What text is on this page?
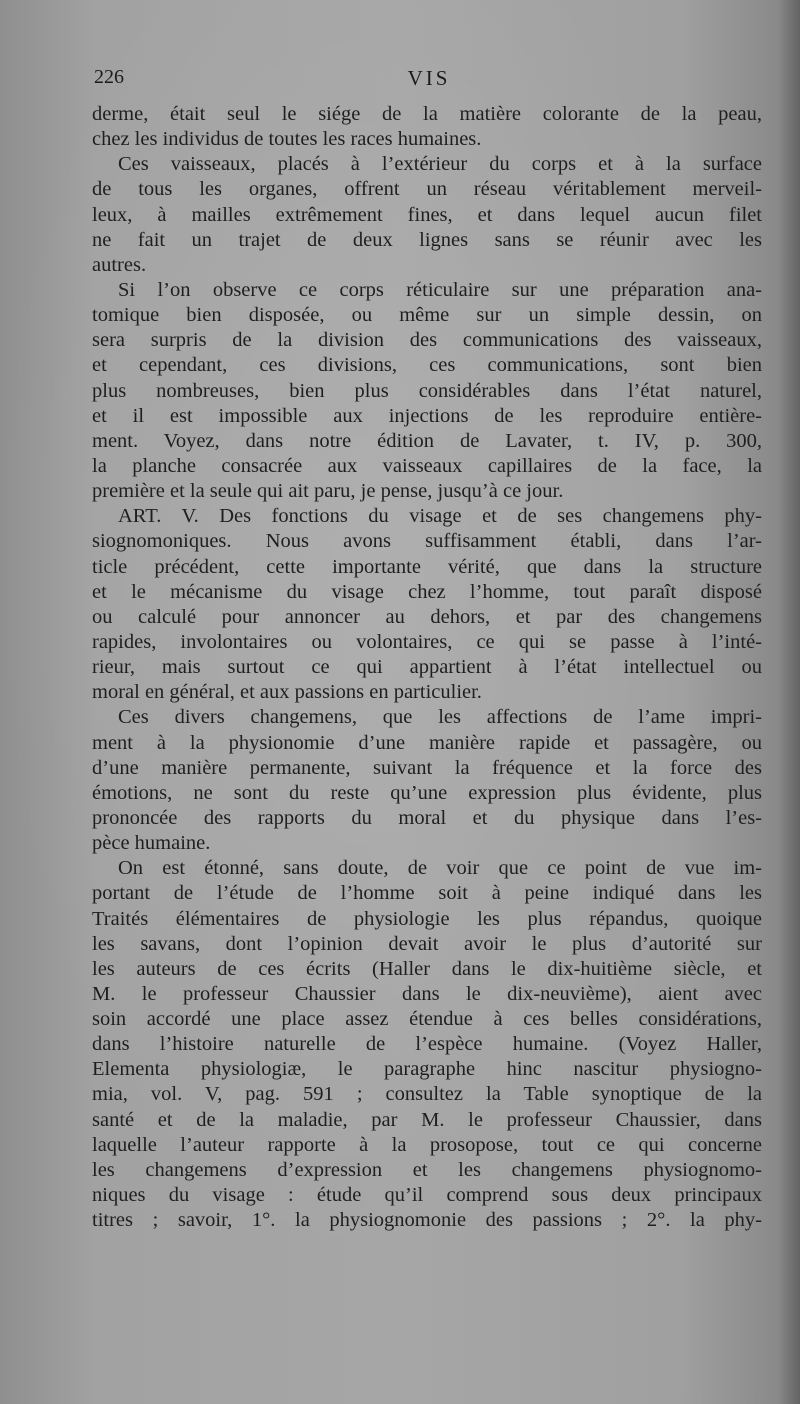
226	VIS
derme, était seul le siége de la matière colorante de la peau,
chez les individus de toutes les races humaines.
Ces vaisseaux, placés à l’extérieur du corps et à la surface
de tous les organes, offrent un réseau véritablement merveil-
leux, à mailles extrêmement fines, et dans lequel aucun filet
ne fait un trajet de deux lignes sans se réunir avec les
autres.
Si l’on observe ce corps réticulaire sur une préparation ana-
tomique bien disposée, ou même sur un simple dessin, on
sera surpris de la division des communications des vaisseaux,
et cependant, ces divisions, ces communications, sont bien
plus nombreuses, bien plus considérables dans l’état naturel,
et il est impossible aux injections de les reproduire entière-
ment. Voyez, dans notre édition de Lavater, t. IV, p. 300,
la planche consacrée aux vaisseaux capillaires de la face, la
première et la seule qui ait paru, je pense, jusqu’à ce jour.
ART. V. Des fonctions du visage et de ses changemens phy-
siognomoniques. Nous avons suffisamment établi, dans l’ar-
ticle précédent, cette importante vérité, que dans la structure
et le mécanisme du visage chez l’homme, tout paraît disposé
ou calculé pour annoncer au dehors, et par des changemens
rapides, involontaires ou volontaires, ce qui se passe à l’inté-
rieur, mais surtout ce qui appartient à l’état intellectuel ou
moral en général, et aux passions en particulier.
Ces divers changemens, que les affections de l’ame impri-
ment à la physionomie d’une manière rapide et passagère, ou
d’une manière permanente, suivant la fréquence et la force des
émotions, ne sont du reste qu’une expression plus évidente, plus
prononcée des rapports du moral et du physique dans l’es-
pèce humaine.
On est étonné, sans doute, de voir que ce point de vue im-
portant de l’étude de l’homme soit à peine indiqué dans les
Traités élémentaires de physiologie les plus répandus, quoique
les savans, dont l’opinion devait avoir le plus d’autorité sur
les auteurs de ces écrits (Haller dans le dix-huitième siècle, et
M. le professeur Chaussier dans le dix-neuvième), aient avec
soin accordé une place assez étendue à ces belles considérations,
dans l’histoire naturelle de l’espèce humaine. (Voyez Haller,
Elementa physiologiæ, le paragraphe hinc nascitur physiogno-
mia, vol. V, pag. 591 ; consultez la Table synoptique de la
santé et de la maladie, par M. le professeur Chaussier, dans
laquelle l’auteur rapporte à la prosopose, tout ce qui concerne
les changemens d’expression et les changemens physiognomo-
niques du visage : étude qu’il comprend sous deux principaux
titres ; savoir, 1°. la physiognomonie des passions ; 2°. la phy-
